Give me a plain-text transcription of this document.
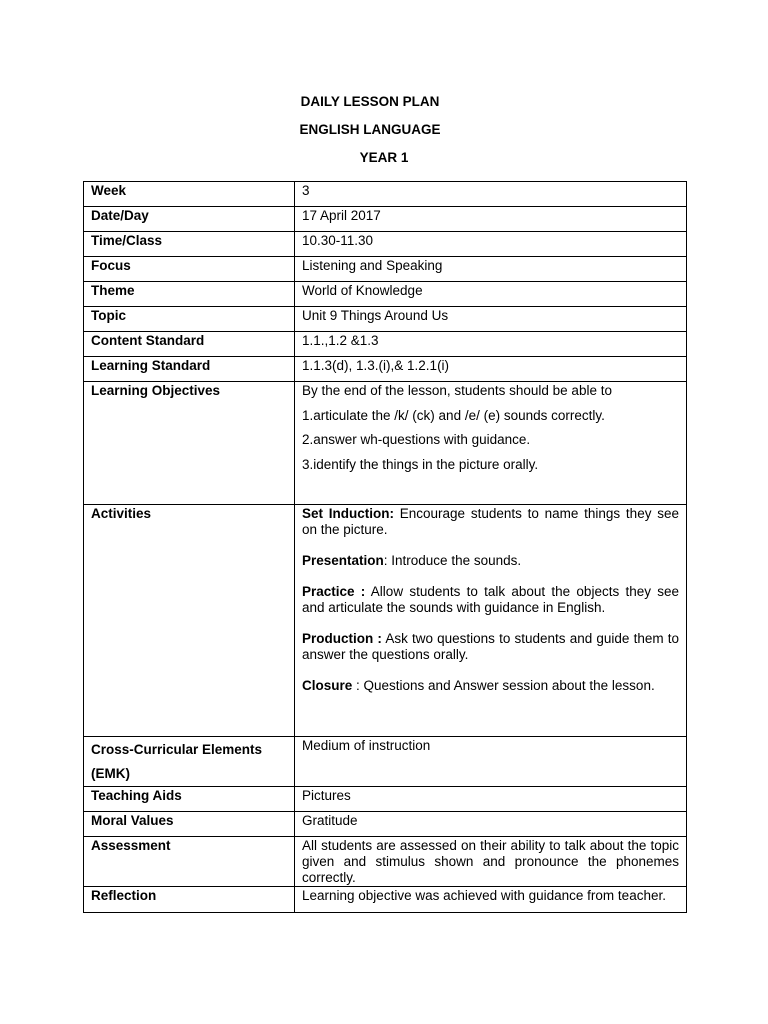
DAILY LESSON PLAN
ENGLISH LANGUAGE
YEAR 1
Week	3
Date/Day	17 April 2017
Time/Class	10.30-11.30
Focus	Listening and Speaking
Theme	World of Knowledge
Topic	Unit 9 Things Around Us
Content Standard	1.1.,1.2 &1.3
Learning Standard	1.1.3(d), 1.3.(i),& 1.2.1(i)
Learning Objectives	By the end of the lesson, students should be able to
1.articulate the /k/ (ck) and /e/ (e) sounds correctly.
2.answer wh-questions with guidance.
3.identify the things in the picture orally.

Activities	Set Induction: Encourage students to name things they see on the picture.
Presentation: Introduce the sounds.
Practice : Allow students to talk about the objects they see and articulate the sounds with guidance in English.
Production : Ask two questions to students and guide them to answer the questions orally.
Closure : Questions and Answer session about the lesson.

Cross-Curricular Elements
(EMK)	Medium of instruction
Teaching Aids	Pictures
Moral Values	Gratitude
Assessment	All students are assessed on their ability to talk about the topic given and stimulus shown and pronounce the phonemes correctly.
Reflection	Learning objective was achieved with guidance from teacher.
